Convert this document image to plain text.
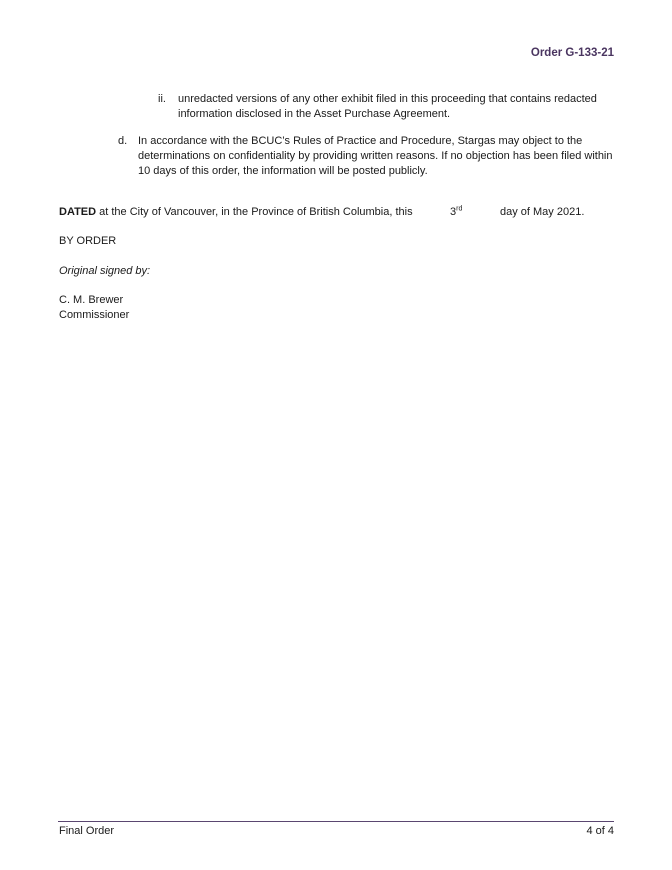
Order G-133-21
ii. unredacted versions of any other exhibit filed in this proceeding that contains redacted information disclosed in the Asset Purchase Agreement.
d. In accordance with the BCUC’s Rules of Practice and Procedure, Stargas may object to the determinations on confidentiality by providing written reasons. If no objection has been filed within 10 days of this order, the information will be posted publicly.
DATED at the City of Vancouver, in the Province of British Columbia, this	3rd	day of May 2021.
BY ORDER
Original signed by:
C. M. Brewer
Commissioner
Final Order	4 of 4
